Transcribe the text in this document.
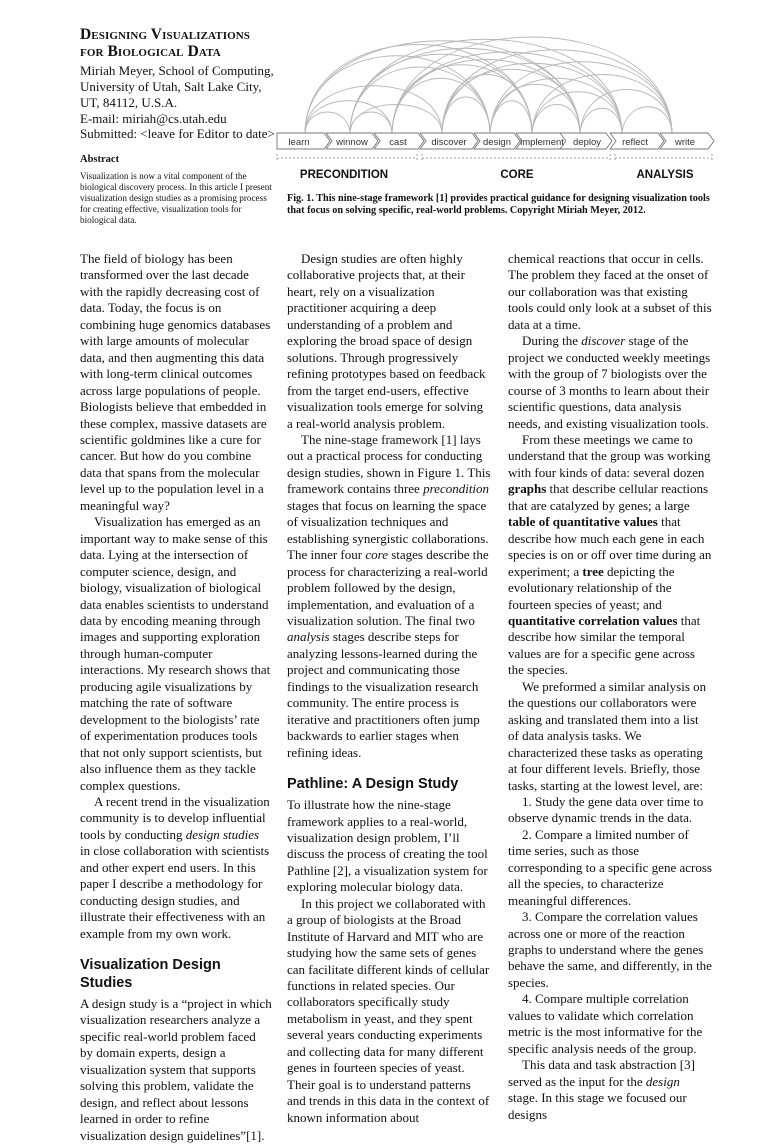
Designing Visualizations
for Biological Data
Miriah Meyer, School of Computing,
University of Utah, Salt Lake City,
UT, 84112, U.S.A.
E-mail: miriah@cs.utah.edu
Submitted: <leave for Editor to date>
Abstract
Visualization is now a vital component of the biological discovery process. In this article I present visualization design studies as a promising process for creating effective, visualization tools for biological data.
learn	winnow cast	discover design implement deploy reflect	write
PRECONDITION	CORE	ANALYSIS
Fig. 1. This nine-stage framework [1] provides practical guidance for designing visualization tools that focus on solving specific, real-world problems. Copyright Miriah Meyer, 2012.

The field of biology has been transformed over the last decade with the rapidly decreasing cost of data. Today, the focus is on combining huge genomics databases with large amounts of molecular data, and then augmenting this data with long-term clinical outcomes across large populations of people. Biologists believe that embedded in these complex, massive datasets are scientific goldmines like a cure for cancer. But how do you combine data that spans from the molecular level up to the population level in a meaningful way?

Visualization has emerged as an important way to make sense of this data. Lying at the intersection of computer science, design, and biology, visualization of biological data enables scientists to understand data by encoding meaning through images and supporting exploration through human-computer interactions. My research shows that producing agile visualizations by matching the rate of software development to the biologists’ rate of experimentation produces tools that not only support scientists, but also influence them as they tackle complex questions.

A recent trend in the visualization community is to develop influential tools by conducting design studies in close collaboration with scientists and other expert end users. In this paper I describe a methodology for conducting design studies, and illustrate their effectiveness with an example from my own work.

Visualization Design Studies

A design study is a “project in which visualization researchers analyze a specific real-world problem faced by domain experts, design a visualization system that supports solving this problem, validate the design, and reflect about lessons learned in order to refine visualization design guidelines”[1].

Design studies are often highly collaborative projects that, at their heart, rely on a visualization practitioner acquiring a deep understanding of a problem and exploring the broad space of design solutions. Through progressively refining prototypes based on feedback from the target end-users, effective visualization tools emerge for solving a real-world analysis problem.

The nine-stage framework [1] lays out a practical process for conducting design studies, shown in Figure 1. This framework contains three precondition stages that focus on learning the space of visualization techniques and establishing synergistic collaborations. The inner four core stages describe the process for characterizing a real-world problem followed by the design, implementation, and evaluation of a visualization solution. The final two analysis stages describe steps for analyzing lessons-learned during the project and communicating those findings to the visualization research community. The entire process is iterative and practitioners often jump backwards to earlier stages when refining ideas.

Pathline: A Design Study

To illustrate how the nine-stage framework applies to a real-world, visualization design problem, I’ll discuss the process of creating the tool Pathline [2], a visualization system for exploring molecular biology data.

In this project we collaborated with a group of biologists at the Broad Institute of Harvard and MIT who are studying how the same sets of genes can facilitate different kinds of cellular functions in related species. Our collaborators specifically study metabolism in yeast, and they spent several years conducting experiments and collecting data for many different genes in fourteen species of yeast. Their goal is to understand patterns and trends in this data in the context of known information about

chemical reactions that occur in cells. The problem they faced at the onset of our collaboration was that existing tools could only look at a subset of this data at a time.

During the discover stage of the project we conducted weekly meetings with the group of 7 biologists over the course of 3 months to learn about their scientific questions, data analysis needs, and existing visualization tools.

From these meetings we came to understand that the group was working with four kinds of data: several dozen graphs that describe cellular reactions that are catalyzed by genes; a large table of quantitative values that describe how much each gene in each species is on or off over time during an experiment; a tree depicting the evolutionary relationship of the fourteen species of yeast; and quantitative correlation values that describe how similar the temporal values are for a specific gene across the species.

We preformed a similar analysis on the questions our collaborators were asking and translated them into a list of data analysis tasks. We characterized these tasks as operating at four different levels. Briefly, those tasks, starting at the lowest level, are:

1. Study the gene data over time to observe dynamic trends in the data.

2. Compare a limited number of time series, such as those corresponding to a specific gene across all the species, to characterize meaningful differences.

3. Compare the correlation values across one or more of the reaction graphs to understand where the genes behave the same, and differently, in the species.

4. Compare multiple correlation values to validate which correlation metric is the most informative for the specific analysis needs of the group.

This data and task abstraction [3] served as the input for the design stage. In this stage we focused our designs
